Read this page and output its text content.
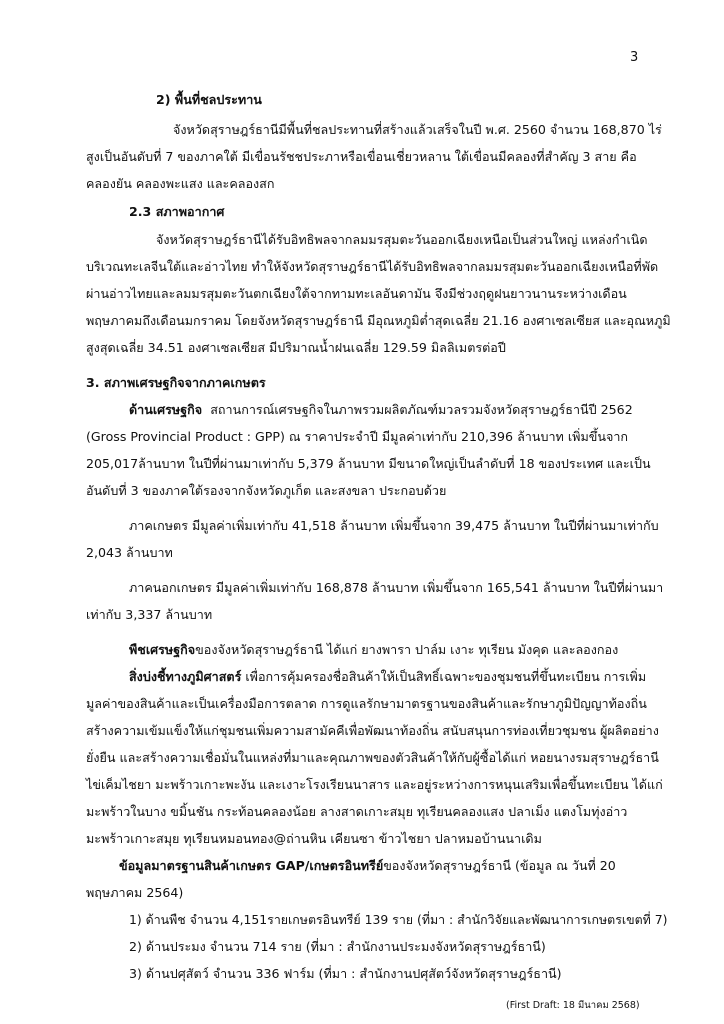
3
2) พื้นที่ชลประทาน
จังหวัดสุราษฎร์ธานีมีพื้นที่ชลประทานที่สร้างแล้วเสร็จในปี พ.ศ. 2560 จำนวน 168,870 ไร่
สูงเป็นอันดับที่ 7 ของภาคใต้ มีเขื่อนรัชชประภาหรือเขื่อนเชี่ยวหลาน ใต้เขื่อนมีคลองที่สำคัญ 3 สาย คือ
คลองยัน คลองพะแสง และคลองสก
2.3 สภาพอากาศ
จังหวัดสุราษฎร์ธานีได้รับอิทธิพลจากลมมรสุมตะวันออกเฉียงเหนือเป็นส่วนใหญ่ แหล่งกำเนิด
บริเวณทะเลจีนใต้และอ่าวไทย ทำให้จังหวัดสุราษฎร์ธานีได้รับอิทธิพลจากลมมรสุมตะวันออกเฉียงเหนือที่พัด
ผ่านอ่าวไทยและลมมรสุมตะวันตกเฉียงใต้จากทามทะเลอันดามัน จึงมีช่วงฤดูฝนยาวนานระหว่างเดือน
พฤษภาคมถึงเดือนมกราคม โดยจังหวัดสุราษฎร์ธานี มีอุณหภูมิต่ำสุดเฉลี่ย 21.16 องศาเซลเซียส และอุณหภูมิ
สูงสุดเฉลี่ย 34.51 องศาเซลเซียส มีปริมาณน้ำฝนเฉลี่ย 129.59 มิลลิเมตรต่อปี
3. สภาพเศรษฐกิจจากภาคเกษตร
ด้านเศรษฐกิจ สถานการณ์เศรษฐกิจในภาพรวมผลิตภัณฑ์มวลรวมจังหวัดสุราษฎร์ธานีปี 2562
(Gross Provincial Product : GPP) ณ ราคาประจำปี มีมูลค่าเท่ากับ 210,396 ล้านบาท เพิ่มขึ้นจาก
205,017ล้านบาท ในปีที่ผ่านมาเท่ากับ 5,379 ล้านบาท มีขนาดใหญ่เป็นลำดับที่ 18 ของประเทศ และเป็น
อันดับที่ 3 ของภาคใต้รองจากจังหวัดภูเก็ต และสงขลา ประกอบด้วย
ภาคเกษตร มีมูลค่าเพิ่มเท่ากับ 41,518 ล้านบาท เพิ่มขึ้นจาก 39,475 ล้านบาท ในปีที่ผ่านมาเท่ากับ
2,043 ล้านบาท
ภาคนอกเกษตร มีมูลค่าเพิ่มเท่ากับ 168,878 ล้านบาท เพิ่มขึ้นจาก 165,541 ล้านบาท ในปีที่ผ่านมา
เท่ากับ 3,337 ล้านบาท
พืชเศรษฐกิจของจังหวัดสุราษฎร์ธานี ได้แก่ ยางพารา ปาล์ม เงาะ ทุเรียน มังคุด และลองกอง
สิ่งบ่งชี้ทางภูมิศาสตร์ เพื่อการคุ้มครองชื่อสินค้าให้เป็นสิทธิ์เฉพาะของชุมชนที่ขึ้นทะเบียน การเพิ่ม
มูลค่าของสินค้าและเป็นเครื่องมือการตลาด การดูแลรักษามาตรฐานของสินค้าและรักษาภูมิปัญญาท้องถิ่น
สร้างความเข้มแข็งให้แก่ชุมชนเพิ่มความสามัคคีเพื่อพัฒนาท้องถิ่น สนับสนุนการท่องเที่ยวชุมชน ผู้ผลิตอย่าง
ยั่งยืน และสร้างความเชื่อมั่นในแหล่งที่มาและคุณภาพของตัวสินค้าให้กับผู้ซื้อได้แก่ หอยนางรมสุราษฎร์ธานี
ไข่เค็มไชยา มะพร้าวเกาะพะงัน และเงาะโรงเรียนนาสาร และอยู่ระหว่างการหนุนเสริมเพื่อขึ้นทะเบียน ได้แก่
มะพร้าวในบาง ขมิ้นชัน กระท้อนคลองน้อย ลางสาดเกาะสมุย ทุเรียนคลองแสง ปลาเม็ง แตงโมทุ่งอ่าว
มะพร้าวเกาะสมุย ทุเรียนหมอนทอง@ถ่านหิน เคียนซา ข้าวไชยา ปลาหมอบ้านนาเดิม
ข้อมูลมาตรฐานสินค้าเกษตร GAP/เกษตรอินทรีย์ของจังหวัดสุราษฎร์ธานี (ข้อมูล ณ วันที่ 20
พฤษภาคม 2564)
1) ด้านพืช จำนวน 4,151รายเกษตรอินทรีย์ 139 ราย (ที่มา : สำนักวิจัยและพัฒนาการเกษตรเขตที่ 7)
2) ด้านประมง จำนวน 714 ราย (ที่มา : สำนักงานประมงจังหวัดสุราษฎร์ธานี)
3) ด้านปศุสัตว์ จำนวน 336 ฟาร์ม (ที่มา : สำนักงานปศุสัตว์จังหวัดสุราษฎร์ธานี)
(First Draft: 18 มีนาคม 2568)
